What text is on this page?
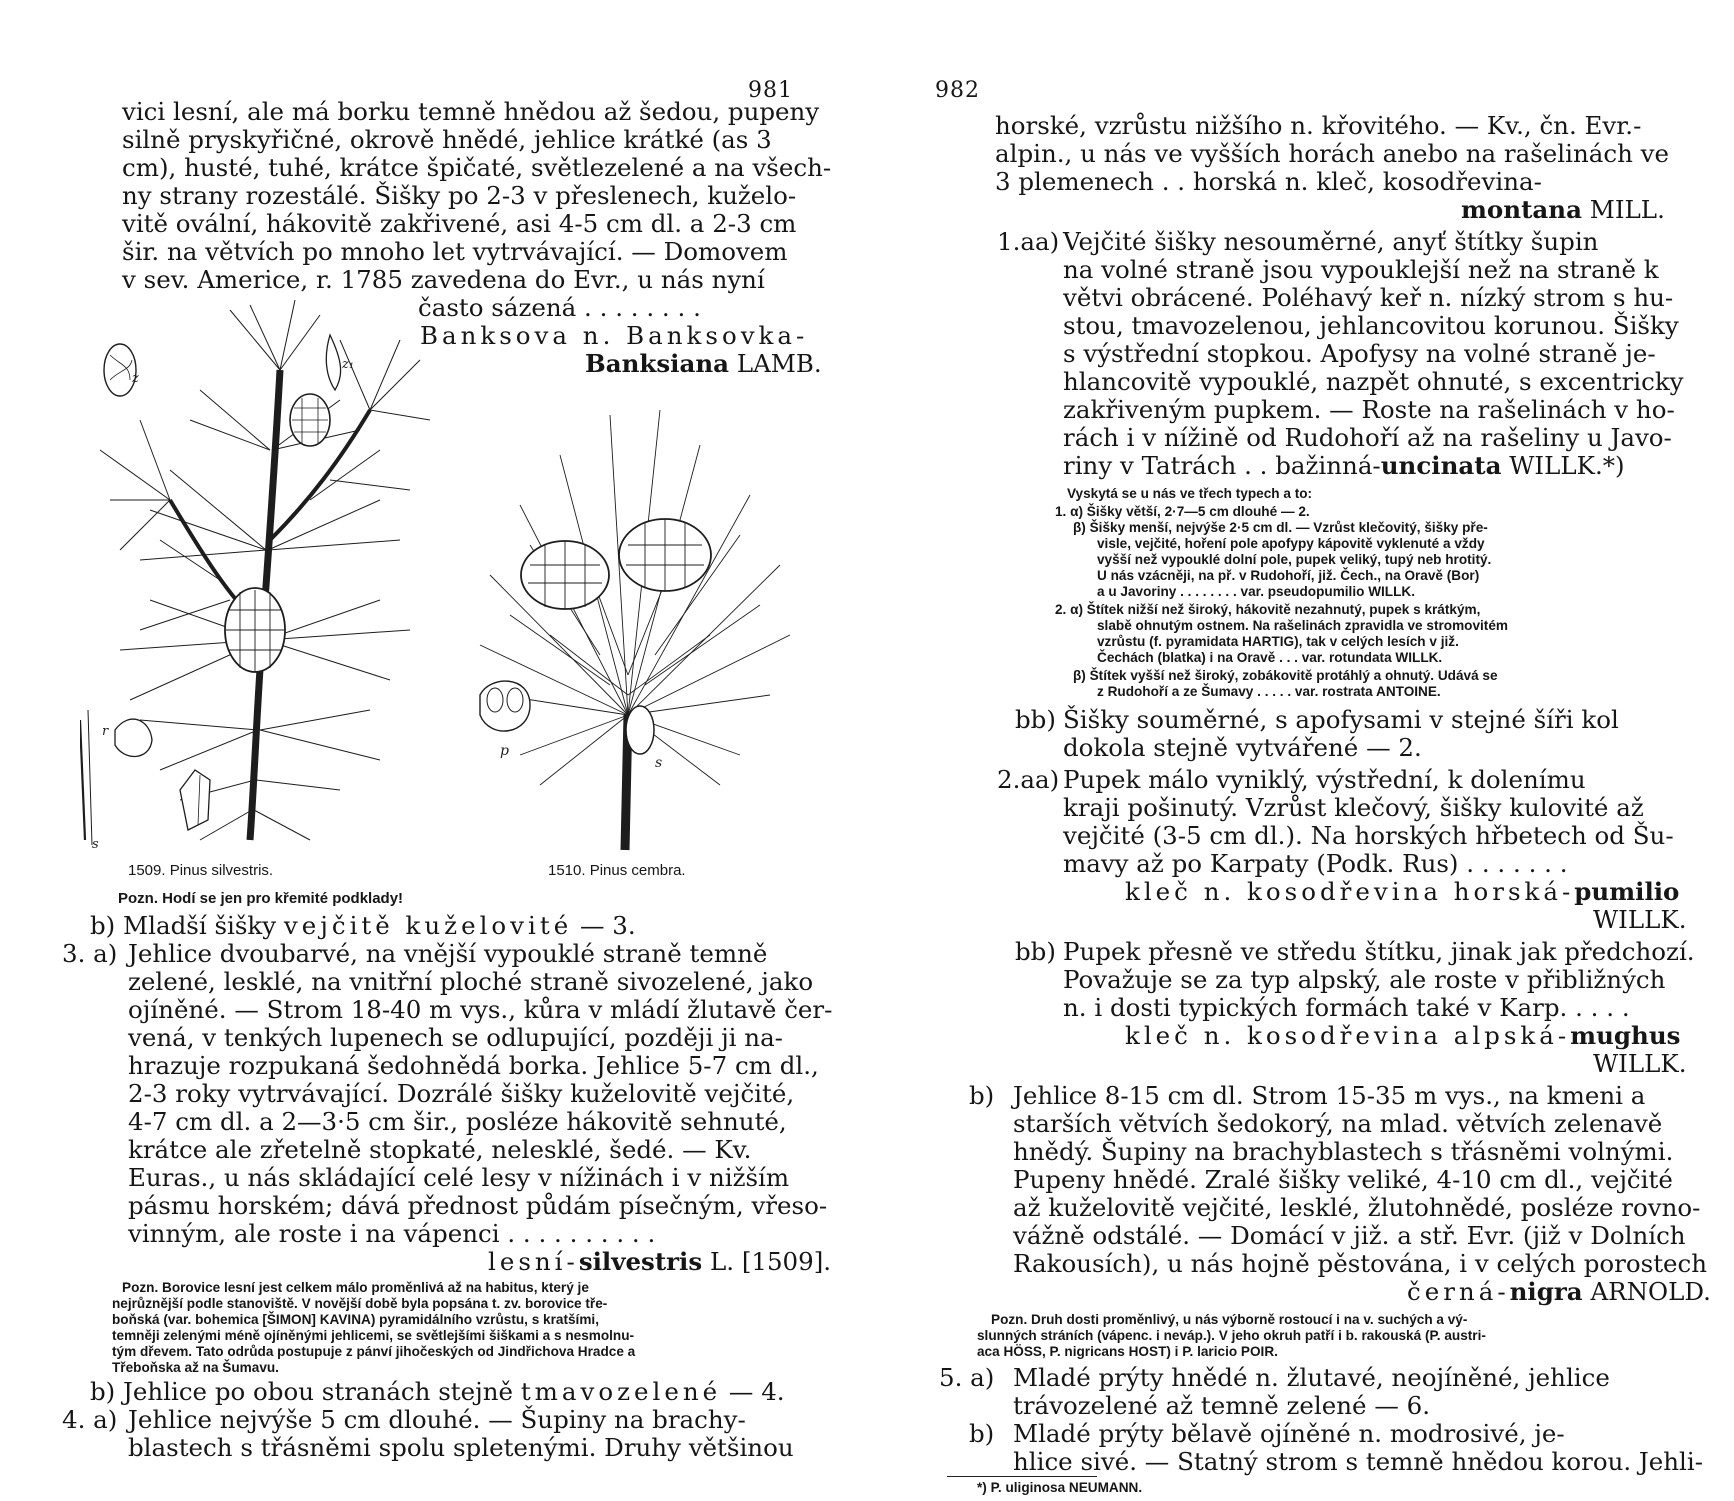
981
vici lesní, ale má borku temně hnědou až šedou, pupeny
silně pryskyřičné, okrově hnědé, jehlice krátké (as 3
cm), husté, tuhé, krátce špičaté, světlezelené a na všech-
ny strany rozestálé. Šišky po 2-3 v přeslenech, kuželo-
vitě ovální, hákovitě zakřivené, asi 4-5 cm dl. a 2-3 cm
šir. na větvích po mnoho let vytrvávající. — Domovem
v sev. Americe, r. 1785 zavedena do Evr., u nás nyní
často sázená . . . . . . . .
Banksova n. Banksovka-
Banksiana LAMB.
z
z₁
r
s
p
s
1509. Pinus silvestris.	1510. Pinus cembra.
Pozn. Hodí se jen pro křemité podklady!
b) Mladší šišky vejčitě kuželovité — 3.
3. a) Jehlice dvoubarvé, na vnější vypouklé straně temně
zelené, lesklé, na vnitřní ploché straně sivozelené, jako
ojíněné. — Strom 18-40 m vys., kůra v mládí žlutavě čer-
vená, v tenkých lupenech se odlupující, později ji na-
hrazuje rozpukaná šedohnědá borka. Jehlice 5-7 cm dl.,
2-3 roky vytrvávající. Dozrálé šišky kuželovitě vejčité,
4-7 cm dl. a 2—3·5 cm šir., posléze hákovitě sehnuté,
krátce ale zřetelně stopkaté, nelesklé, šedé. — Kv.
Euras., u nás skládající celé lesy v nížinách i v nižším
pásmu horském; dává přednost půdám písečným, vřeso-
vinným, ale roste i na vápenci . . . . . . . . . .
lesní-silvestris L. [1509].
Pozn. Borovice lesní jest celkem málo proměnlivá až na habitus, který je
nejrůznější podle stanoviště. V novější době byla popsána t. zv. borovice tře-
boňská (var. bohemica [ŠIMON] KAVINA) pyramidálního vzrůstu, s kratšími,
temněji zelenými méně ojíněnými jehlicemi, se světlejšími šiškami a s nesmolnu-
tým dřevem. Tato odrůda postupuje z pánví jihočeských od Jindřichova Hradce a
Třeboňska až na Šumavu.
b) Jehlice po obou stranách stejně tmavozelené — 4.
4. a) Jehlice nejvýše 5 cm dlouhé. — Šupiny na brachy-
blastech s třásněmi spolu spletenými. Druhy většinou
982
horské, vzrůstu nižšího n. křovitého. — Kv., čn. Evr.-
alpin., u nás ve vyšších horách anebo na rašelinách ve
3 plemenech . . horská n. kleč, kosodřevina-
montana MILL.
1.aa) Vejčité šišky nesouměrné, anyť štítky šupin
na volné straně jsou vypouklejší než na straně k
větvi obrácené. Poléhavý keř n. nízký strom s hu-
stou, tmavozelenou, jehlancovitou korunou. Šišky
s výstřední stopkou. Apofysy na volné straně je-
hlancovitě vypouklé, nazpět ohnuté, s excentricky
zakřiveným pupkem. — Roste na rašelinách v ho-
rách i v nížině od Rudohoří až na rašeliny u Javo-
riny v Tatrách . . bažinná-uncinata WILLK.*)
Vyskytá se u nás ve třech typech a to:
1. α) Šišky větší, 2·7—5 cm dlouhé — 2.
β) Šišky menší, nejvýše 2·5 cm dl. — Vzrůst klečovitý, šišky pře-
visle, vejčité, hoření pole apofypy kápovitě vyklenuté a vždy
vyšší než vypouklé dolní pole, pupek veliký, tupý neb hrotitý.
U nás vzácněji, na př. v Rudohoří, již. Čech., na Oravě (Bor)
a u Javoriny . . . . . . . . var. pseudopumilio WILLK.
2. α) Štítek nižší než široký, hákovitě nezahnutý, pupek s krátkým,
slabě ohnutým ostnem. Na rašelinách zpravidla ve stromovitém
vzrůstu (f. pyramidata HARTIG), tak v celých lesích v již.
Čechách (blatka) i na Oravě . . . var. rotundata WILLK.
β) Štítek vyšší než široký, zobákovitě protáhlý a ohnutý. Udává se
z Rudohoří a ze Šumavy . . . . . var. rostrata ANTOINE.
bb) Šišky souměrné, s apofysami v stejné šíři kol
dokola stejně vytvářené — 2.
2.aa) Pupek málo vyniklý, výstřední, k dolenímu
kraji pošinutý. Vzrůst klečový, šišky kulovité až
vejčité (3-5 cm dl.). Na horských hřbetech od Šu-
mavy až po Karpaty (Podk. Rus) . . . . . . .
kleč n. kosodřevina horská-pumilio
WILLK.
bb) Pupek přesně ve středu štítku, jinak jak předchozí.
Považuje se za typ alpský, ale roste v přibližných
n. i dosti typických formách také v Karp. . . . .
kleč n. kosodřevina alpská-mughus
WILLK.
b) Jehlice 8-15 cm dl. Strom 15-35 m vys., na kmeni a
starších větvích šedokorý, na mlad. větvích zelenavě
hnědý. Šupiny na brachyblastech s třásněmi volnými.
Pupeny hnědé. Zralé šišky veliké, 4-10 cm dl., vejčité
až kuželovitě vejčité, lesklé, žlutohnědé, posléze rovno-
vážně odstálé. — Domácí v již. a stř. Evr. (již v Dolních
Rakousích), u nás hojně pěstována, i v celých porostech
černá-nigra ARNOLD.
Pozn. Druh dosti proměnlivý, u nás výborně rostoucí i na v. suchých a vý-
slunných stráních (vápenc. i neváp.). V jeho okruh patří i b. rakouská (P. austri-
aca HÖSS, P. nigricans HOST) i P. laricio POIR.
5. a) Mladé prýty hnědé n. žlutavé, neojíněné, jehlice
trávozelené až temně zelené — 6.
b) Mladé prýty bělavě ojíněné n. modrosivé, je-
hlice sivé. — Statný strom s temně hnědou korou. Jehli-
*) P. uliginosa NEUMANN.
